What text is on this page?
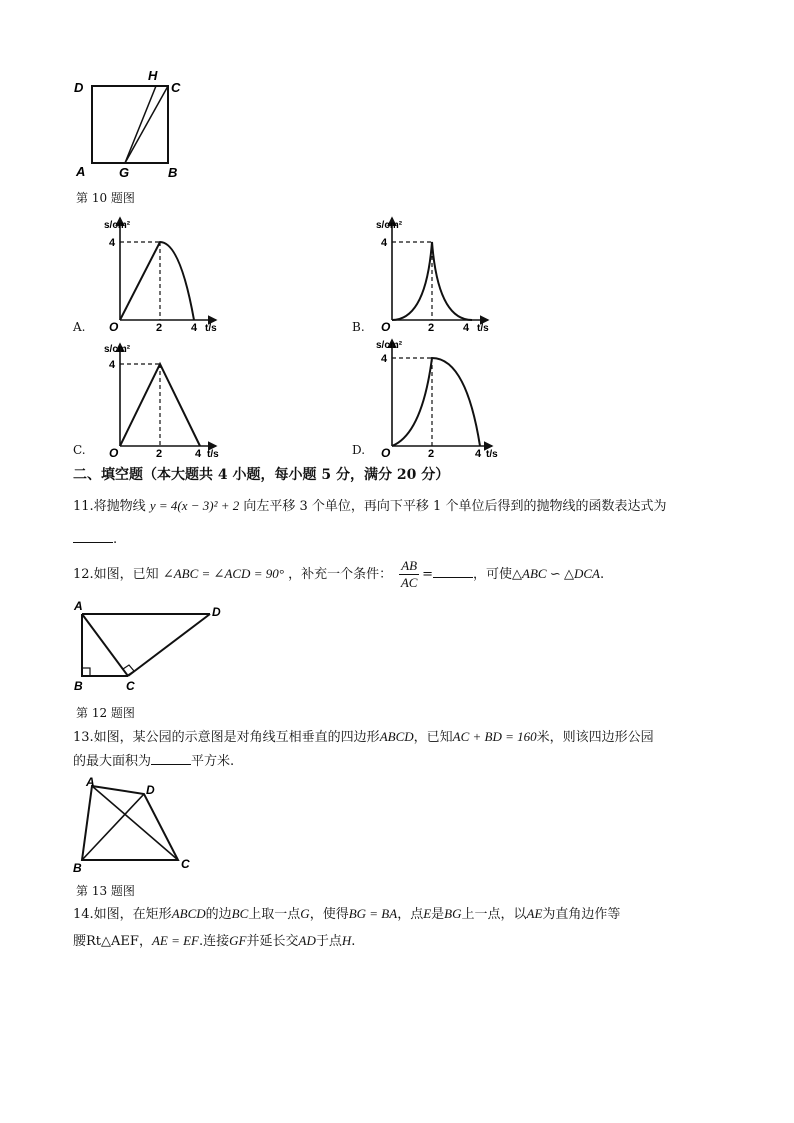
D
H
C
A	G	B
第 10 题图
s/cm²
4
O	2	4 t/s
A.
s/cm²
4
O	2	4 t/s
B.
s/cm²
4
O	2	4 t/s
C.
s/cm²
4
O	2	4 t/s
D.
二、填空题（本大题共 4 小题，每小题 5 分，满分 20 分）
11.将抛物线 y = 4(x − 3)² + 2 向左平移 3 个单位，再向下平移 1 个单位后得到的抛物线的函数表达式为
.
12.如图，已知 ∠ABC = ∠ACD = 90° ，补充一个条件： $\frac{AB}{AC}$ =	，可使△ABC ∽ △DCA.
A	D
B	C
第 12 题图
13.如图，某公园的示意图是对角线互相垂直的四边形ABCD，已知AC + BD = 160米，则该四边形公园
的最大面积为	平方米.
A
D
B	C
第 13 题图
14.如图，在矩形ABCD的边BC上取一点G，使得BG = BA，点E是BG上一点，以AE为直角边作等
腰Rt△AEF，AE = EF.连接GF并延长交AD于点H.
